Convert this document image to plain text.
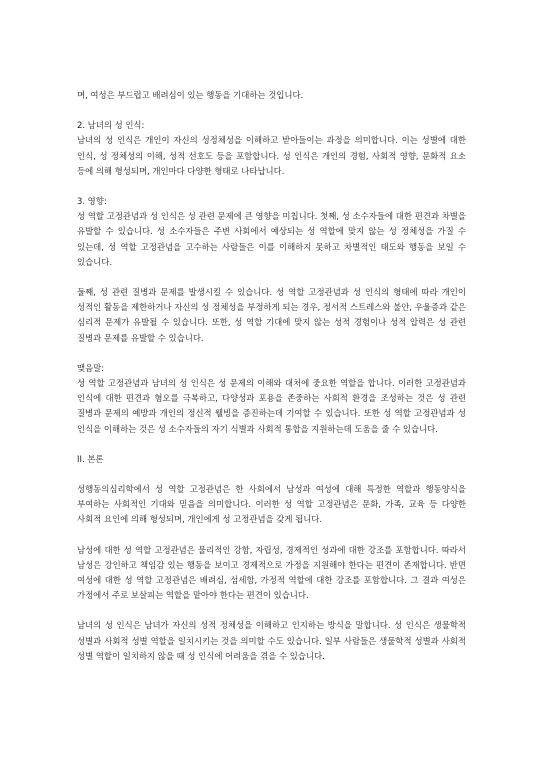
며, 여성은 부드럽고 배려심이 있는 행동을 기대하는 것입니다.

2. 남녀의 성 인식:

남녀의 성 인식은 개인이 자신의 성정체성을 이해하고 받아들이는 과정을 의미합니다. 이는 성별에 대한 인식, 성 정체성의 이해, 성적 선호도 등을 포함합니다. 성 인식은 개인의 경험, 사회적 영향, 문화적 요소 등에 의해 형성되며, 개인마다 다양한 형태로 나타납니다.

3. 영향:

성 역할 고정관념과 성 인식은 성 관련 문제에 큰 영향을 미칩니다. 첫째, 성 소수자들에 대한 편견과 차별을 유발할 수 있습니다. 성 소수자들은 주변 사회에서 예상되는 성 역할에 맞지 않는 성 정체성을 가질 수 있는데, 성 역할 고정관념을 고수하는 사람들은 이를 이해하지 못하고 차별적인 태도와 행동을 보일 수 있습니다.

둘째, 성 관련 질병과 문제를 발생시킬 수 있습니다. 성 역할 고정관념과 성 인식의 형태에 따라 개인이 성적인 활동을 제한하거나 자신의 성 정체성을 부정하게 되는 경우, 정서적 스트레스와 불안, 우울증과 같은 심리적 문제가 유발될 수 있습니다. 또한, 성 역할 기대에 맞지 않는 성적 경험이나 성적 압력은 성 관련 질병과 문제를 유발할 수 있습니다.

맺음말:

성 역할 고정관념과 남녀의 성 인식은 성 문제의 이해와 대처에 중요한 역할을 합니다. 이러한 고정관념과 인식에 대한 편견과 혐오를 극복하고, 다양성과 포용을 존중하는 사회적 환경을 조성하는 것은 성 관련 질병과 문제의 예방과 개인의 정신적 웰빙을 증진하는데 기여할 수 있습니다. 또한 성 역할 고정관념과 성 인식을 이해하는 것은 성 소수자들의 자기 식별과 사회적 통합을 지원하는데 도움을 줄 수 있습니다.

II. 본론

성행동의심리학에서 성 역할 고정관념은 한 사회에서 남성과 여성에 대해 특정한 역할과 행동양식을 부여하는 사회적인 기대와 믿음을 의미합니다. 이러한 성 역할 고정관념은 문화, 가족, 교육 등 다양한 사회적 요인에 의해 형성되며, 개인에게 성 고정관념을 갖게 됩니다.

남성에 대한 성 역할 고정관념은 물리적인 강함, 자립성, 경제적인 성과에 대한 강조를 포함합니다. 따라서 남성은 강인하고 책임감 있는 행동을 보이고 경제적으로 가정을 지원해야 한다는 편견이 존재합니다. 반면 여성에 대한 성 역할 고정관념은 배려심, 섬세함, 가정적 역할에 대한 강조를 포함합니다. 그 결과 여성은 가정에서 주로 보살피는 역할을 맡아야 한다는 편견이 있습니다.

남녀의 성 인식은 남녀가 자신의 성적 정체성을 이해하고 인지하는 방식을 말합니다. 성 인식은 생물학적 성별과 사회적 성별 역할을 일치시키는 것을 의미할 수도 있습니다. 일부 사람들은 생물학적 성별과 사회적 성별 역할이 일치하지 않을 때 성 인식에 어려움을 겪을 수 있습니다.
